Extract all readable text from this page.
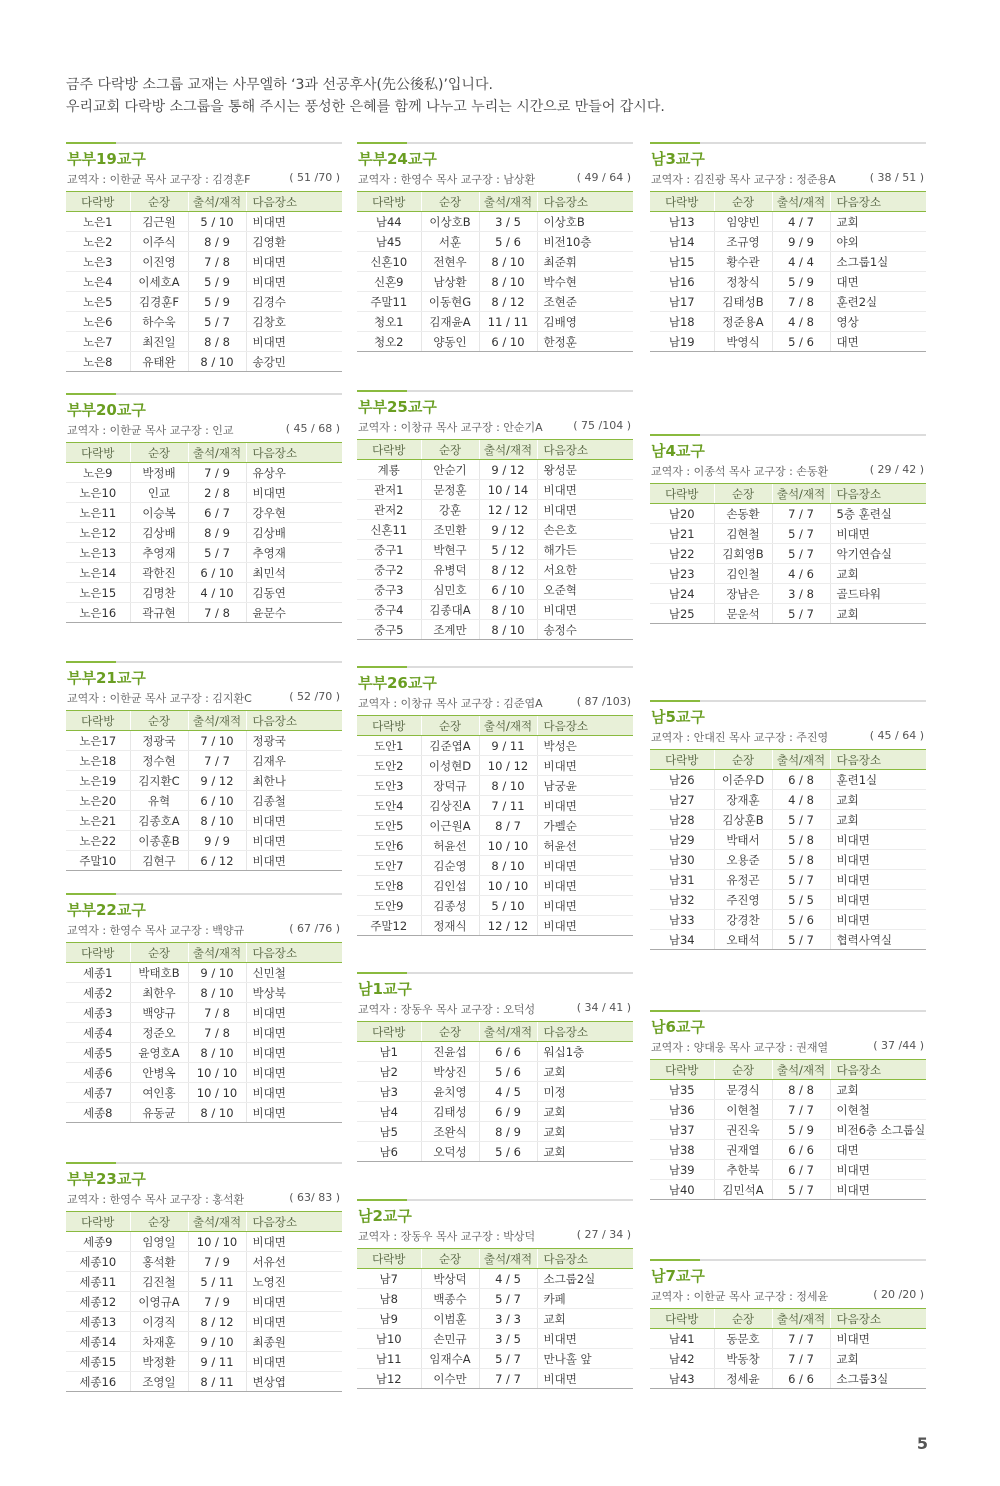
금주 다락방 소그룹 교재는 사무엘하 ‘3과 선공후사(先公後私)’입니다.
우리교회 다락방 소그룹을 통해 주시는 풍성한 은혜를 함께 나누고 누리는 시간으로 만들어 갑시다.
부부19교구
교역자 : 이한균 목사 교구장 : 김경훈F	( 51 /70 )
다락방	순장	출석/재적	다음장소
노은1	김근원	5 / 10	비대면
노은2	이주식	8 / 9	김영환
노은3	이진영	7 / 8	비대면
노은4	이세호A	5 / 9	비대면
노은5	김경훈F	5 / 9	김경수
노은6	하수욱	5 / 7	김창호
노은7	최진일	8 / 8	비대면
노은8	유태완	8 / 10	송강민
부부20교구
교역자 : 이한균 목사 교구장 : 인교	( 45 / 68 )
다락방	순장	출석/재적	다음장소
노은9	박정배	7 / 9	유상우
노은10	인교	2 / 8	비대면
노은11	이승복	6 / 7	강우현
노은12	김상배	8 / 9	김상배
노은13	추영재	5 / 7	추영재
노은14	곽한진	6 / 10	최민석
노은15	김명찬	4 / 10	김동연
노은16	곽규현	7 / 8	윤문수
부부21교구
교역자 : 이한균 목사 교구장 : 김지환C	( 52 /70 )
다락방	순장	출석/재적	다음장소
노은17	정광국	7 / 10	정광국
노은18	정수현	7 / 7	김재우
노은19	김지환C	9 / 12	최한나
노은20	유혁	6 / 10	김종철
노은21	김종호A	8 / 10	비대면
노은22	이종훈B	9 / 9	비대면
주말10	김현구	6 / 12	비대면
부부22교구
교역자 : 한영수 목사 교구장 : 백양규	( 67 /76 )
다락방	순장	출석/재적	다음장소
세종1	박태호B	9 / 10	신민철
세종2	최한우	8 / 10	박상북
세종3	백양규	7 / 8	비대면
세종4	정준오	7 / 8	비대면
세종5	윤영호A	8 / 10	비대면
세종6	안병옥	10 / 10	비대면
세종7	여인홍	10 / 10	비대면
세종8	유동균	8 / 10	비대면
부부23교구
교역자 : 한영수 목사 교구장 : 홍석환	( 63/ 83 )
다락방	순장	출석/재적	다음장소
세종9	임영일	10 / 10	비대면
세종10	홍석환	7 / 9	서유선
세종11	김진철	5 / 11	노영진
세종12	이영규A	7 / 9	비대면
세종13	이경직	8 / 12	비대면
세종14	차재훈	9 / 10	최종원
세종15	박정환	9 / 11	비대면
세종16	조영일	8 / 11	변상엽
부부24교구
교역자 : 한영수 목사 교구장 : 남상환	( 49 / 64 )
다락방	순장	출석/재적	다음장소
남44	이상호B	3 / 5	이상호B
남45	서훈	5 / 6	비전10층
신혼10	전현우	8 / 10	최준휘
신혼9	남상환	8 / 10	박수현
주말11	이동현G	8 / 12	조현준
청오1	김재윤A	11 / 11	김배영
청오2	양동인	6 / 10	한정훈
부부25교구
교역자 : 이창규 목사 교구장 : 안순기A	( 75 /104 )
다락방	순장	출석/재적	다음장소
계룡	안순기	9 / 12	왕성문
관저1	문정훈	10 / 14	비대면
관저2	강훈	12 / 12	비대면
신혼11	조민환	9 / 12	손은호
중구1	박현구	5 / 12	해가든
중구2	유병덕	8 / 12	서요한
중구3	심민호	6 / 10	오준혁
중구4	김종대A	8 / 10	비대면
중구5	조계만	8 / 10	송정수
부부26교구
교역자 : 이창규 목사 교구장 : 김준엽A	( 87 /103)
다락방	순장	출석/재적	다음장소
도안1	김준엽A	9 / 11	박성은
도안2	이성현D	10 / 12	비대면
도안3	장덕규	8 / 10	남궁윤
도안4	김상진A	7 / 11	비대면
도안5	이근원A	8 / 7	가펠순
도안6	허윤선	10 / 10	허윤선
도안7	김순영	8 / 10	비대면
도안8	김인섭	10 / 10	비대면
도안9	김종성	5 / 10	비대면
주말12	정재식	12 / 12	비대면
남1교구
교역자 : 장동우 목사 교구장 : 오덕성	( 34 / 41 )
다락방	순장	출석/재적	다음장소
남1	진윤섭	6 / 6	워십1층
남2	박상진	5 / 6	교회
남3	윤치영	4 / 5	미정
남4	김태성	6 / 9	교회
남5	조완식	8 / 9	교회
남6	오덕성	5 / 6	교회
남2교구
교역자 : 장동우 목사 교구장 : 박상덕	( 27 / 34 )
다락방	순장	출석/재적	다음장소
남7	박상덕	4 / 5	소그룹2실
남8	백종수	5 / 7	카페
남9	이범훈	3 / 3	교회
남10	손민규	3 / 5	비대면
남11	임재수A	5 / 7	만나홀 앞
남12	이수만	7 / 7	비대면
남3교구
교역자 : 김진광 목사 교구장 : 정준용A	( 38 / 51 )
다락방	순장	출석/재적	다음장소
남13	임양빈	4 / 7	교회
남14	조규영	9 / 9	야외
남15	황수관	4 / 4	소그룹1실
남16	정창식	5 / 9	대면
남17	김태성B	7 / 8	훈련2실
남18	정준용A	4 / 8	영상
남19	박영식	5 / 6	대면
남4교구
교역자 : 이종석 목사 교구장 : 손동환	( 29 / 42 )
다락방	순장	출석/재적	다음장소
남20	손동환	7 / 7	5층 훈련실
남21	김현철	5 / 7	비대면
남22	김회영B	5 / 7	악기연습실
남23	김인철	4 / 6	교회
남24	장남은	3 / 8	골드타워
남25	문운석	5 / 7	교회
남5교구
교역자 : 안대진 목사 교구장 : 주진영	( 45 / 64 )
다락방	순장	출석/재적	다음장소
남26	이준우D	6 / 8	훈련1실
남27	장재훈	4 / 8	교회
남28	김상훈B	5 / 7	교회
남29	박태서	5 / 8	비대면
남30	오용준	5 / 8	비대면
남31	유정곤	5 / 7	비대면
남32	주진영	5 / 5	비대면
남33	강경찬	5 / 6	비대면
남34	오태석	5 / 7	협력사역실
남6교구
교역자 : 양대웅 목사 교구장 : 권재열	( 37 /44 )
다락방	순장	출석/재적	다음장소
남35	문경식	8 / 8	교회
남36	이현철	7 / 7	이현철
남37	권진욱	5 / 9	비전6층 소그룹실
남38	권재열	6 / 6	대면
남39	추한북	6 / 7	비대면
남40	김민석A	5 / 7	비대면
남7교구
교역자 : 이한균 목사 교구장 : 정세윤	( 20 /20 )
다락방	순장	출석/재적	다음장소
남41	동문호	7 / 7	비대면
남42	박동창	7 / 7	교회
남43	정세윤	6 / 6	소그룹3실
5
